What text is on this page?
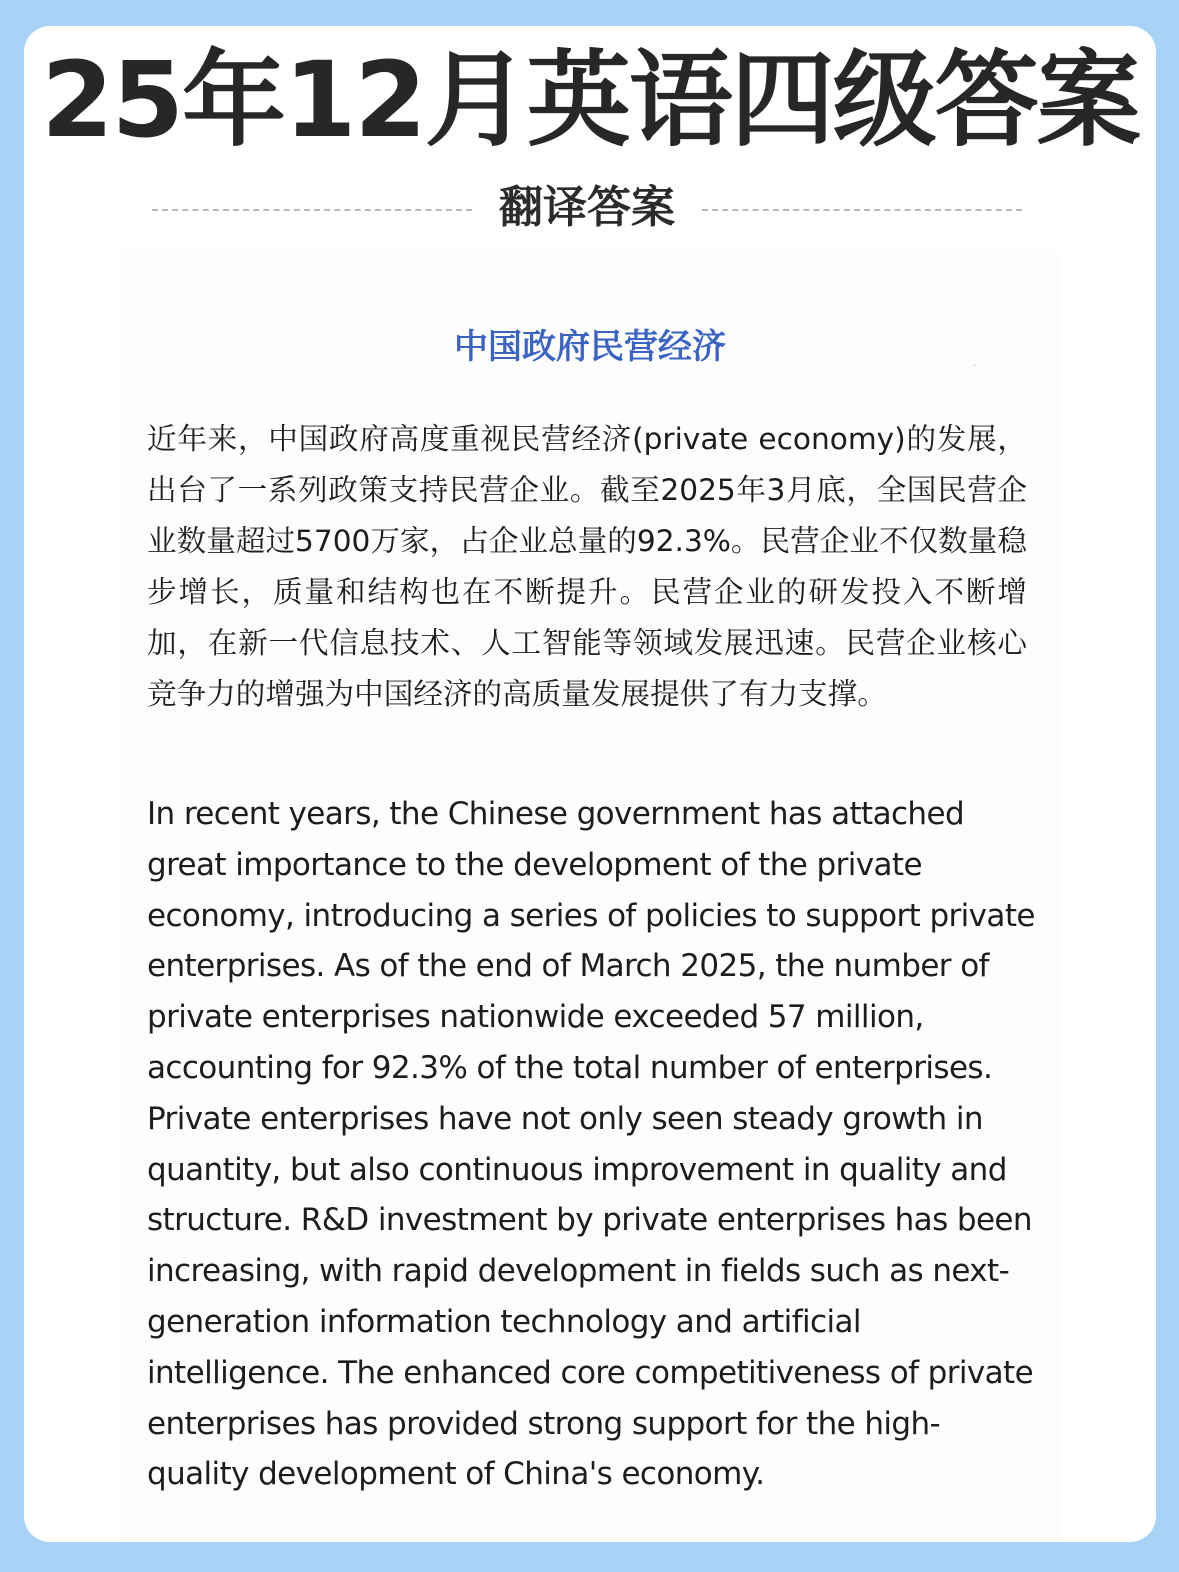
25年12月英语四级答案
翻译答案
·
中国政府民营经济

近年来，中国政府高度重视民营经济(private economy)的发展，出台了一系列政策支持民营企业。截至2025年3月底，全国民营企业数量超过5700万家，占企业总量的92.3%。民营企业不仅数量稳步增长，质量和结构也在不断提升。民营企业的研发投入不断增加，在新一代信息技术、人工智能等领域发展迅速。民营企业核心竞争力的增强为中国经济的高质量发展提供了有力支撑。

In recent years, the Chinese government has attached great importance to the development of the private economy, introducing a series of policies to support private enterprises. As of the end of March 2025, the number of private enterprises nationwide exceeded 57 million, accounting for 92.3% of the total number of enterprises. Private enterprises have not only seen steady growth in quantity, but also continuous improvement in quality and structure. R&D investment by private enterprises has been increasing, with rapid development in fields such as next-generation information technology and artificial intelligence. The enhanced core competitiveness of private enterprises has provided strong support for the high-quality development of China's economy.
